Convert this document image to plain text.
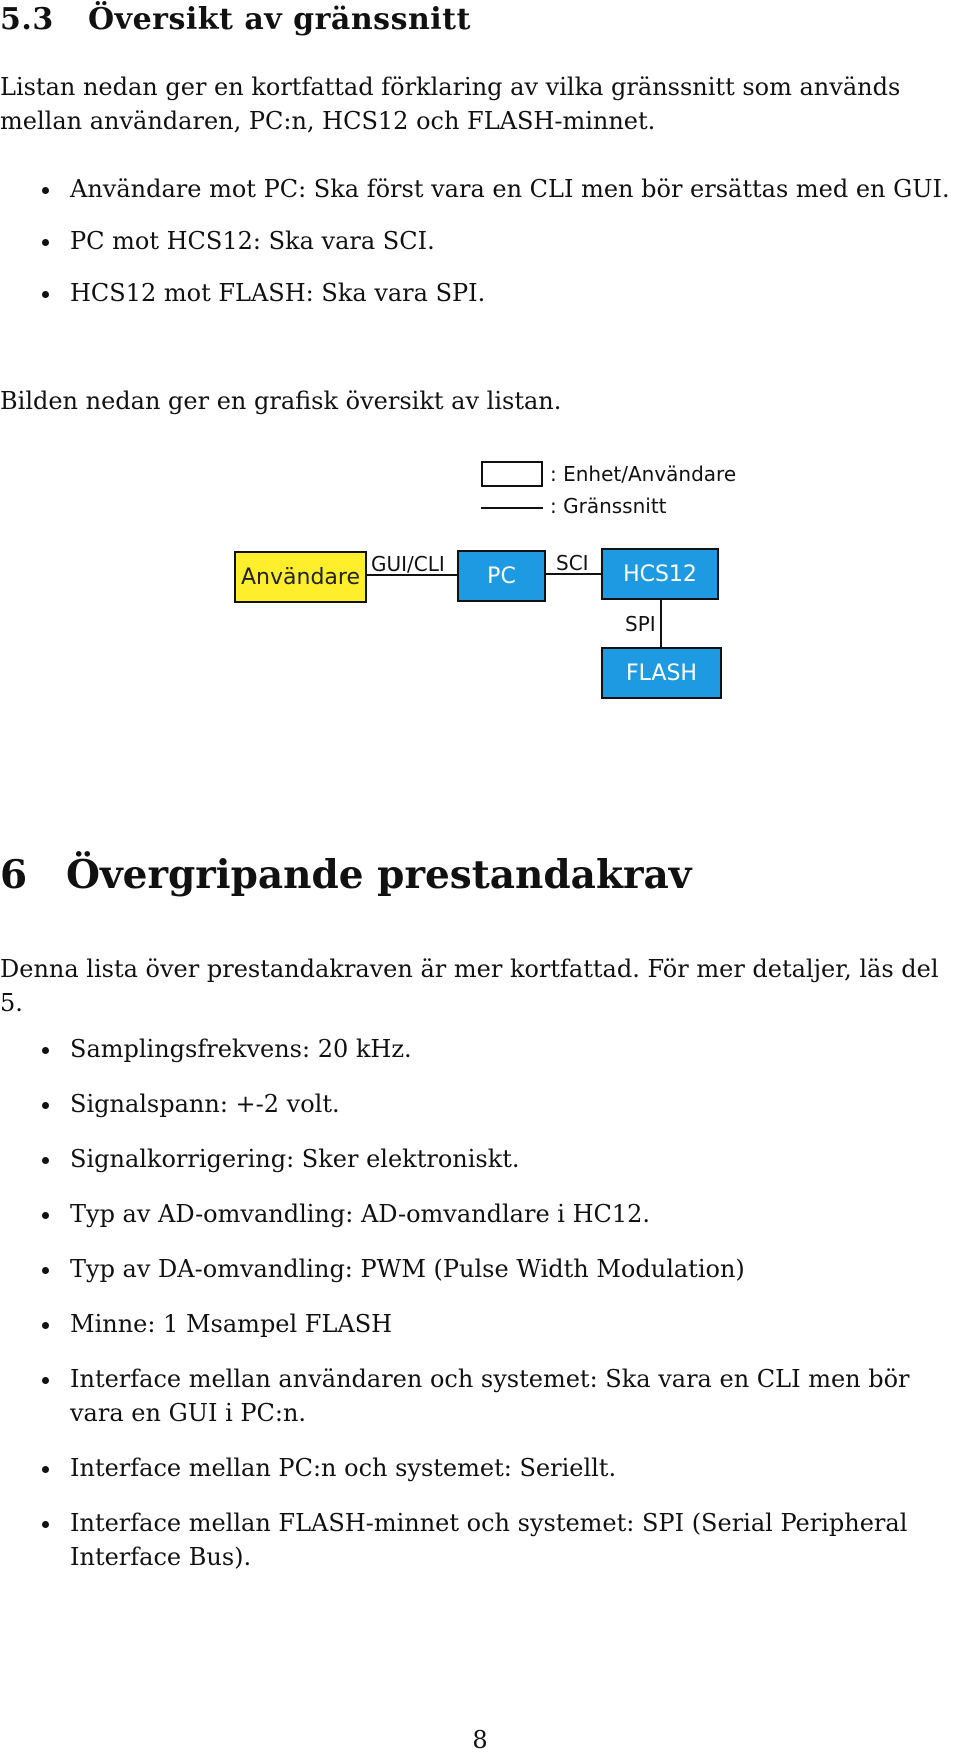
5.3 Översikt av gränssnitt
Listan nedan ger en kortfattad förklaring av vilka gränssnitt som används mellan användaren, PC:n, HCS12 och FLASH-minnet.
Användare mot PC: Ska först vara en CLI men bör ersättas med en GUI.
PC mot HCS12: Ska vara SCI.
HCS12 mot FLASH: Ska vara SPI.
Bilden nedan ger en grafisk översikt av listan.
: Enhet/Användare
: Gränssnitt
Användare	PC	HCS12
FLASH
GUI/CLI	SCI
SPI
6 Övergripande prestandakrav
Denna lista över prestandakraven är mer kortfattad. För mer detaljer, läs del 5.
Samplingsfrekvens: 20 kHz.
Signalspann: +-2 volt.
Signalkorrigering: Sker elektroniskt.
Typ av AD-omvandling: AD-omvandlare i HC12.
Typ av DA-omvandling: PWM (Pulse Width Modulation)
Minne: 1 Msampel FLASH
Interface mellan användaren och systemet: Ska vara en CLI men bör vara en GUI i PC:n.
Interface mellan PC:n och systemet: Seriellt.
Interface mellan FLASH-minnet och systemet: SPI (Serial Peripheral Interface Bus).
8
